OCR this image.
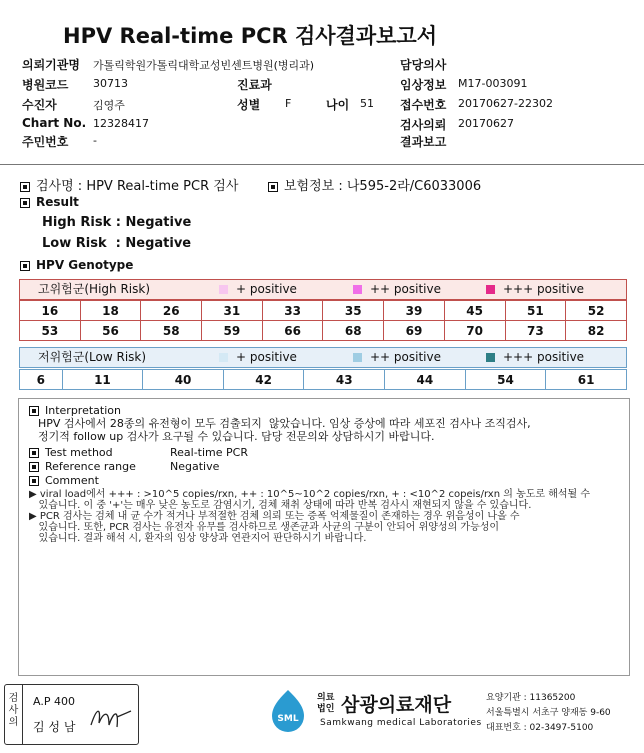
HPV Real-time PCR 검사결과보고서
의뢰기관명 가톨릭학원가톨릭대학교성빈센트병원(병리과)	담당의사
병원코드 30713	진료과	임상정보 M17-003091
수진자	김영주	성별 F	나이 51 접수번호 20170627-22302
Chart No. 12328417	검사의뢰 20170627
주민번호 -	결과보고
검사명 : HPV Real-time PCR 검사	보험정보 : 나595-2라/C6033006
Result
High Risk : Negative
Low Risk  : Negative
HPV Genotype
고위험군(High Risk)	+ positive	++ positive	+++ positive
16	18	26	31	33	35	39	45	51	52
53	56	58	59	66	68	69	70	73	82
저위험군(Low Risk)	+ positive	++ positive	+++ positive
6	11	40	42	43	44	54	61
Interpretation
HPV 검사에서 28종의 유전형이 모두 검출되지  않았습니다. 임상 증상에 따라 세포진 검사나 조직검사,
정기적 follow up 검사가 요구될 수 있습니다. 담당 전문의와 상담하시기 바랍니다.
Test method	Real-time PCR
Reference range	Negative
Comment
▶ viral load에서 +++ : >10^5 copies/rxn, ++ : 10^5~10^2 copies/rxn, + : <10^2 copeis/rxn 의 농도로 해석될 수
있습니다. 이 중 '+'는 매우 낮은 농도로 감염시기, 검체 채취 상태에 따라 반복 검사시 재현되지 않을 수 있습니다.
▶ PCR 검사는 검체 내 균 수가 적거나 부적절한 검체 의뢰 또는 증폭 억제물질이 존재하는 경우 위음성이 나올 수
있습니다. 또한, PCR 검사는 유전자 유무를 검사하므로 생존균과 사균의 구분이 안되어 위양성의 가능성이
있습니다. 결과 해석 시, 환자의 임상 양상과 연관지어 판단하시기 바랍니다.
검사의
A.P 400
김 성 남
SML
의료
법인 삼광의료재단
Samkwang medical Laboratories
요양기관 : 11365200
서울특별시 서초구 양재동 9-60
대표번호 : 02-3497-5100
